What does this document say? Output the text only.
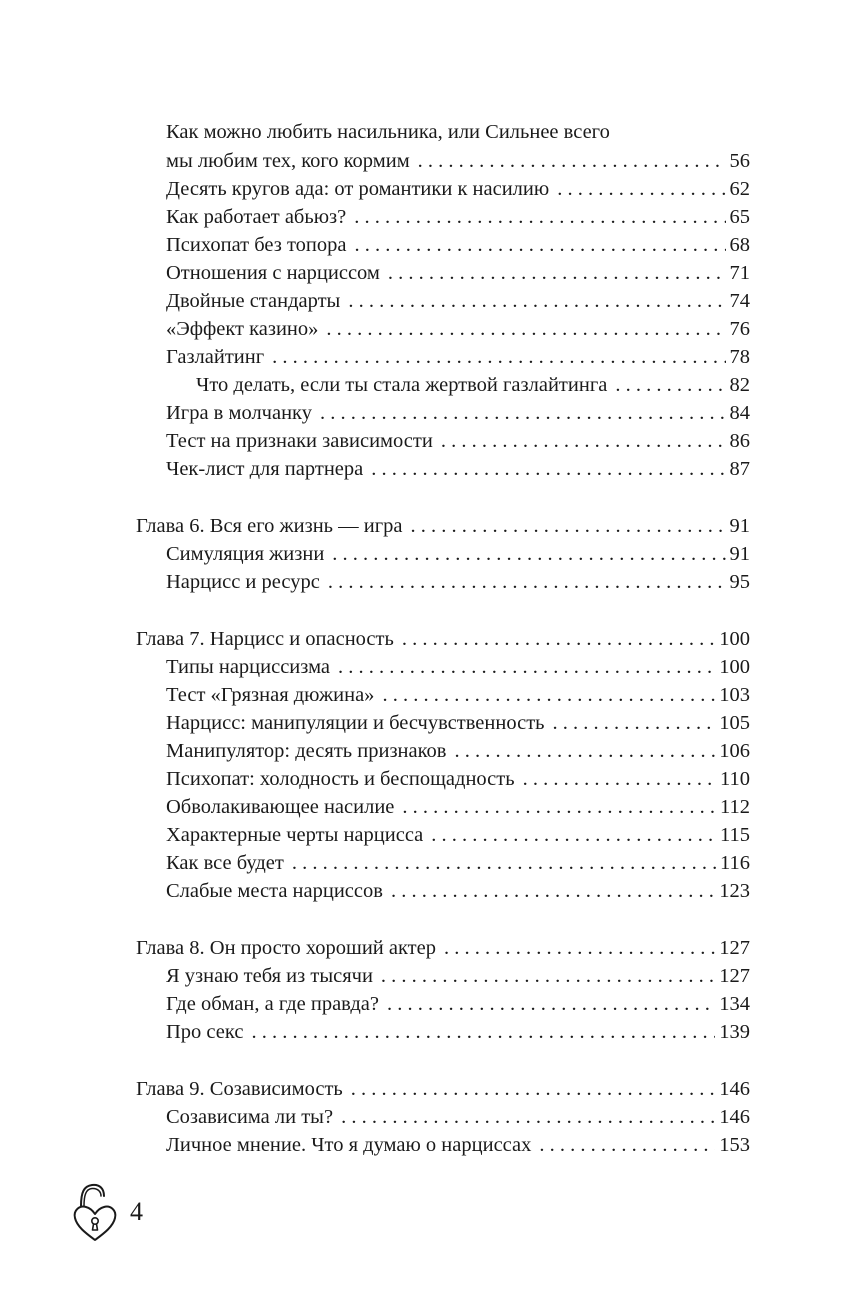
Как можно любить насильника, или Сильнее всего
мы любим тех, кого кормим . . .	56
Десять кругов ада: от романтики к насилию . . .	62
Как работает абьюз? . . .	65
Психопат без топора . . .	68
Отношения с нарциссом . . .	71
Двойные стандарты . . .	74
«Эффект казино» . . .	76
Газлайтинг . . .	78
Что делать, если ты стала жертвой газлайтинга . . .	82
Игра в молчанку . . .	84
Тест на признаки зависимости . . .	86
Чек-лист для партнера . . .	87
Глава 6. Вся его жизнь — игра . . .	91
Симуляция жизни . . .	91
Нарцисс и ресурс . . .	95
Глава 7. Нарцисс и опасность . . .	100
Типы нарциссизма . . .	100
Тест «Грязная дюжина» . . .	103
Нарцисс: манипуляции и бесчувственность . . .	105
Манипулятор: десять признаков . . .	106
Психопат: холодность и беспощадность . . .	110
Обволакивающее насилие . . .	112
Характерные черты нарцисса . . .	115
Как все будет . . .	116
Слабые места нарциссов . . .	123
Глава 8. Он просто хороший актер . . .	127
Я узнаю тебя из тысячи . . .	127
Где обман, а где правда? . . .	134
Про секс . . .	139
Глава 9. Созависимость . . .	146
Созависима ли ты? . . .	146
Личное мнение. Что я думаю о нарциссах . . .	153
4
